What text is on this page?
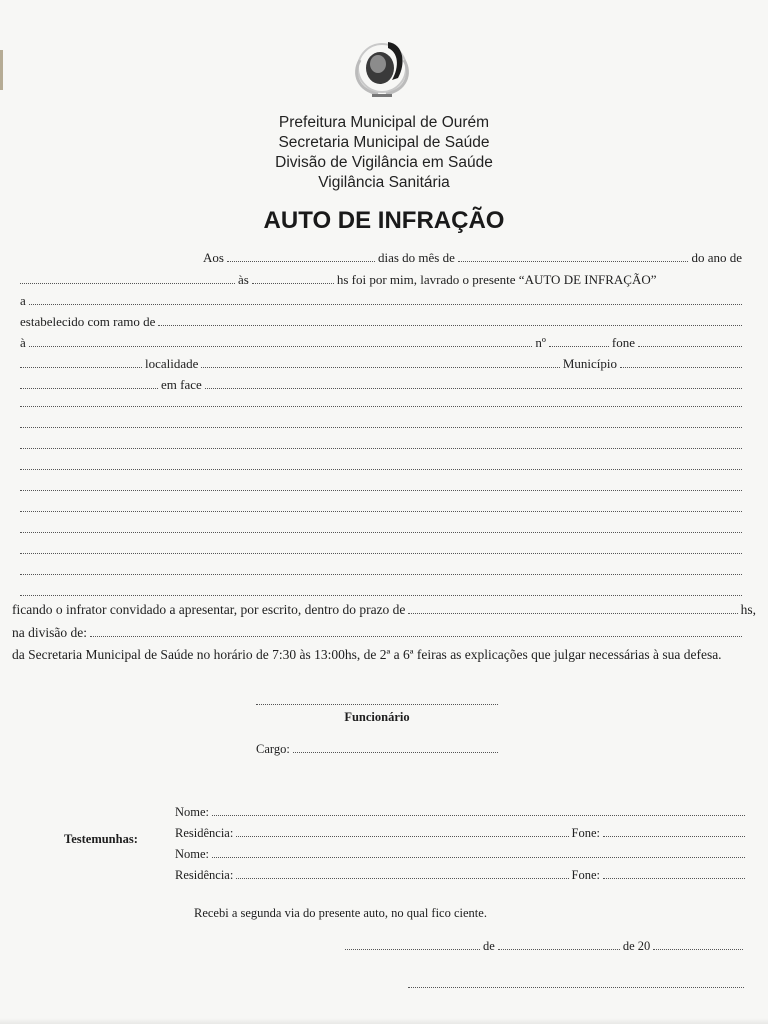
Prefeitura Municipal de Ourém
Secretaria Municipal de Saúde
Divisão de Vigilância em Saúde
Vigilância Sanitária
AUTO DE INFRAÇÃO
Aos	dias do mês de	do ano de
às	hs foi por mim, lavrado o presente “AUTO DE INFRAÇÃO”
a
estabelecido com ramo de
à	nº	fone
localidade	Município
em face
ficando o infrator convidado a apresentar, por escrito, dentro do prazo de	hs,
na divisão de:
da Secretaria Municipal de Saúde no horário de 7:30 às 13:00hs, de 2ª a 6ª feiras as explicações que julgar necessárias à sua defesa.
Funcionário
Cargo:
Testemunhas:
Nome:
Residência:	Fone:
Nome:
Residência:	Fone:
Recebi a segunda via do presente auto, no qual fico ciente.
de	de 20
